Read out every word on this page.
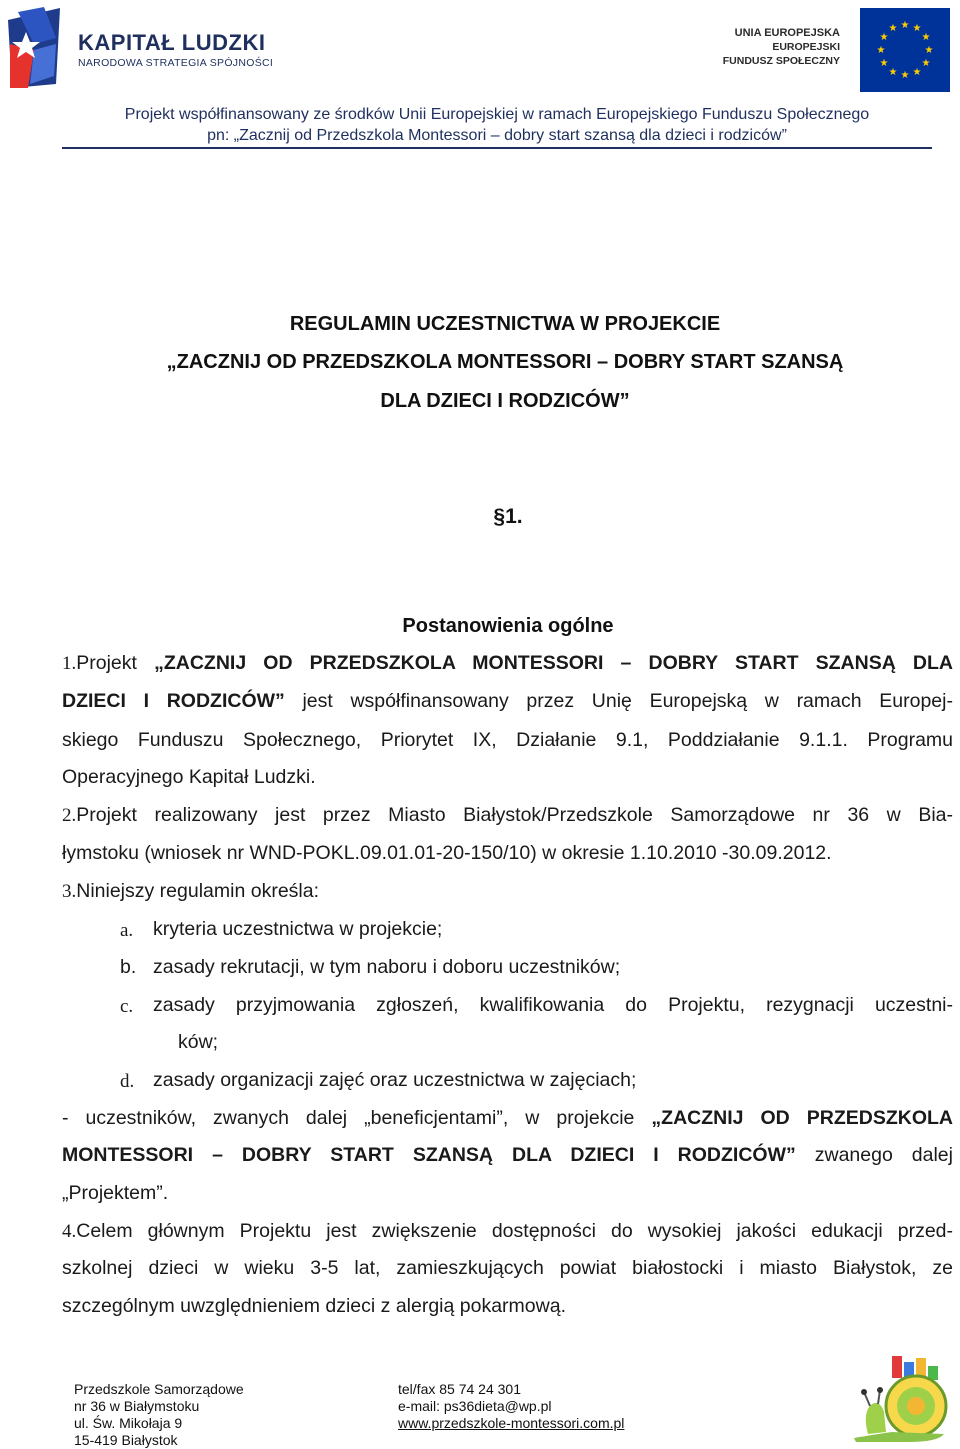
KAPITAŁ LUDZKI
NARODOWA STRATEGIA SPÓJNOŚCI
UNIA EUROPEJSKA
EUROPEJSKI
FUNDUSZ SPOŁECZNY
★ ★
★
★
★
★
★
★
★
★
★
★
Projekt współfinansowany ze środków Unii Europejskiej w ramach Europejskiego Funduszu Społecznego
pn: „Zacznij od Przedszkola Montessori – dobry start szansą dla dzieci i rodziców”
REGULAMIN UCZESTNICTWA W PROJEKCIE
„ZACZNIJ OD PRZEDSZKOLA MONTESSORI – DOBRY START SZANSĄ
DLA DZIECI I RODZICÓW”
§1.
Postanowienia ogólne
1.Projekt „ZACZNIJ OD PRZEDSZKOLA MONTESSORI – DOBRY START SZANSĄ DLA
DZIECI I RODZICÓW” jest współfinansowany przez Unię Europejską w ramach Europej-
skiego Funduszu Społecznego, Priorytet IX, Działanie 9.1, Poddziałanie 9.1.1. Programu
Operacyjnego Kapitał Ludzki.
2.Projekt realizowany jest przez Miasto Białystok/Przedszkole Samorządowe nr 36 w Bia-
łymstoku (wniosek nr WND-POKL.09.01.01-20-150/10) w okresie 1.10.2010 -30.09.2012.
3.Niniejszy regulamin określa:
a. kryteria uczestnictwa w projekcie;
b. zasady rekrutacji, w tym naboru i doboru uczestników;
c. zasady przyjmowania zgłoszeń, kwalifikowania do Projektu, rezygnacji uczestni-
ków;
d. zasady organizacji zajęć oraz uczestnictwa w zajęciach;
- uczestników, zwanych dalej „beneficjentami”, w projekcie „ZACZNIJ OD PRZEDSZKOLA
MONTESSORI – DOBRY START SZANSĄ DLA DZIECI I RODZICÓW” zwanego dalej
„Projektem”.
4.Celem głównym Projektu jest zwiększenie dostępności do wysokiej jakości edukacji przed-
szkolnej dzieci w wieku 3-5 lat, zamieszkujących powiat białostocki i miasto Białystok, ze
szczególnym uwzględnieniem dzieci z alergią pokarmową.
Przedszkole Samorządowe
nr 36 w Białymstoku
ul. Św. Mikołaja 9
15-419 Białystok
tel/fax 85 74 24 301
e-mail: ps36dieta@wp.pl
www.przedszkole-montessori.com.pl
